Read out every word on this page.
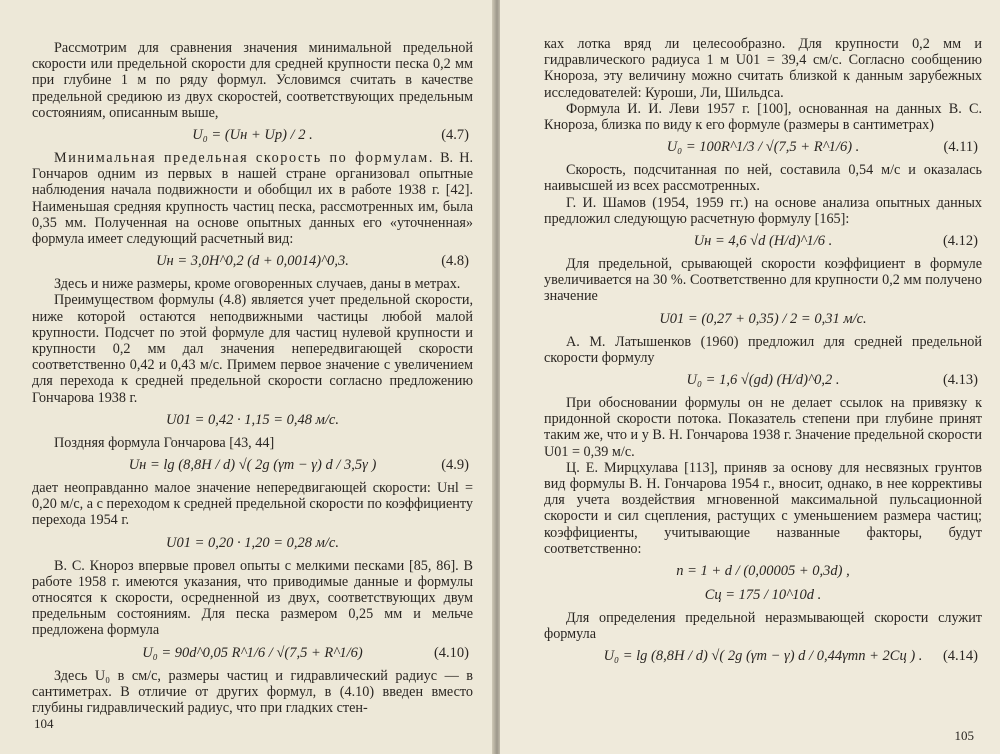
Рассмотрим для сравнения значения минимальной предельной скорости или предельной скорости для средней крупности песка 0,2 мм при глубине 1 м по ряду формул. Условимся считать в качестве предельной средиюю из двух скоростей, соответствующих предельным состояниям, описанным выше,

U₀ = (Uн + Uр) / 2 .	(4.7)

Минимальная предельная скорость по формулам. В. Н. Гончаров одним из первых в нашей стране организовал опытные наблюдения начала подвижности и обобщил их в работе 1938 г. [42]. Наименьшая средняя крупность частиц песка, рассмотренных им, была 0,35 мм. Полученная на основе опытных данных его «уточненная» формула имеет следующий расчетный вид:

Uн = 3,0H^0,2 (d + 0,0014)^0,3.	(4.8)

Здесь и ниже размеры, кроме оговоренных случаев, даны в метрах.

Преимуществом формулы (4.8) является учет предельной скорости, ниже которой остаются неподвижными частицы любой малой крупности. Подсчет по этой формуле для частиц нулевой крупности и крупности 0,2 мм дал значения непередвигающей скорости соответственно 0,42 и 0,43 м/с. Примем первое значение с увеличением для перехода к средней предельной скорости согласно предложению Гончарова 1938 г.

U01 = 0,42 · 1,15 = 0,48 м/с.

Поздняя формула Гончарова [43, 44]

Uн = lg (8,8H / d) √( 2g (γт − γ) d / 3,5γ )	(4.9)

дает неоправданно малое значение непередвигающей скорости: Uнl = 0,20 м/с, а с переходом к средней предельной скорости по коэффициенту перехода 1954 г.

U01 = 0,20 · 1,20 = 0,28 м/с.

В. С. Кнороз впервые провел опыты с мелкими песками [85, 86]. В работе 1958 г. имеются указания, что приводимые данные и формулы относятся к скорости, осредненной из двух, соответствующих двум предельным состояниям. Для песка размером 0,25 мм и мельче предложена формула

U₀ = 90d^0,05 R^1/6 / √(7,5 + R^1/6)	(4.10)

Здесь U₀ в см/с, размеры частиц и гидравлический радиус — в сантиметрах. В отличие от других формул, в (4.10) введен вместо глубины гидравлический радиус, что при гладких стен-

104

ках лотка вряд ли целесообразно. Для крупности 0,2 мм и гидравлического радиуса 1 м U01 = 39,4 см/с. Согласно сообщению Кнороза, эту величину можно считать близкой к данным зарубежных исследователей: Куроши, Ли, Шильдса.

Формула И. И. Леви 1957 г. [100], основанная на данных В. С. Кнороза, близка по виду к его формуле (размеры в сантиметрах)

U₀ = 100R^1/3 / √(7,5 + R^1/6) .	(4.11)

Скорость, подсчитанная по ней, составила 0,54 м/с и оказалась наивысшей из всех рассмотренных.

Г. И. Шамов (1954, 1959 гг.) на основе анализа опытных данных предложил следующую расчетную формулу [165]:

Uн = 4,6 √d (H/d)^1/6 .	(4.12)

Для предельной, срывающей скорости коэффициент в формуле увеличивается на 30 %. Соответственно для крупности 0,2 мм получено значение

U01 = (0,27 + 0,35) / 2 = 0,31 м/с.

А. М. Латышенков (1960) предложил для средней предельной скорости формулу

U₀ = 1,6 √(gd) (H/d)^0,2 .	(4.13)

При обосновании формулы он не делает ссылок на привязку к придонной скорости потока. Показатель степени при глубине принят таким же, что и у В. Н. Гончарова 1938 г. Значение предельной скорости U01 = 0,39 м/с.

Ц. Е. Мирцхулава [113], приняв за основу для несвязных грунтов вид формулы В. Н. Гончарова 1954 г., вносит, однако, в нее коррективы для учета воздействия мгновенной максимальной пульсационной скорости и сил сцепления, растущих с уменьшением размера частиц; коэффициенты, учитывающие названные факторы, будут соответственно:

n = 1 + d / (0,00005 + 0,3d) ,
Cц = 175 / 10^10d .

Для определения предельной неразмывающей скорости служит формула

U₀ = lg (8,8H / d) √( 2g (γт − γ) d / 0,44γтn + 2Cц ) . (4.14)
105
